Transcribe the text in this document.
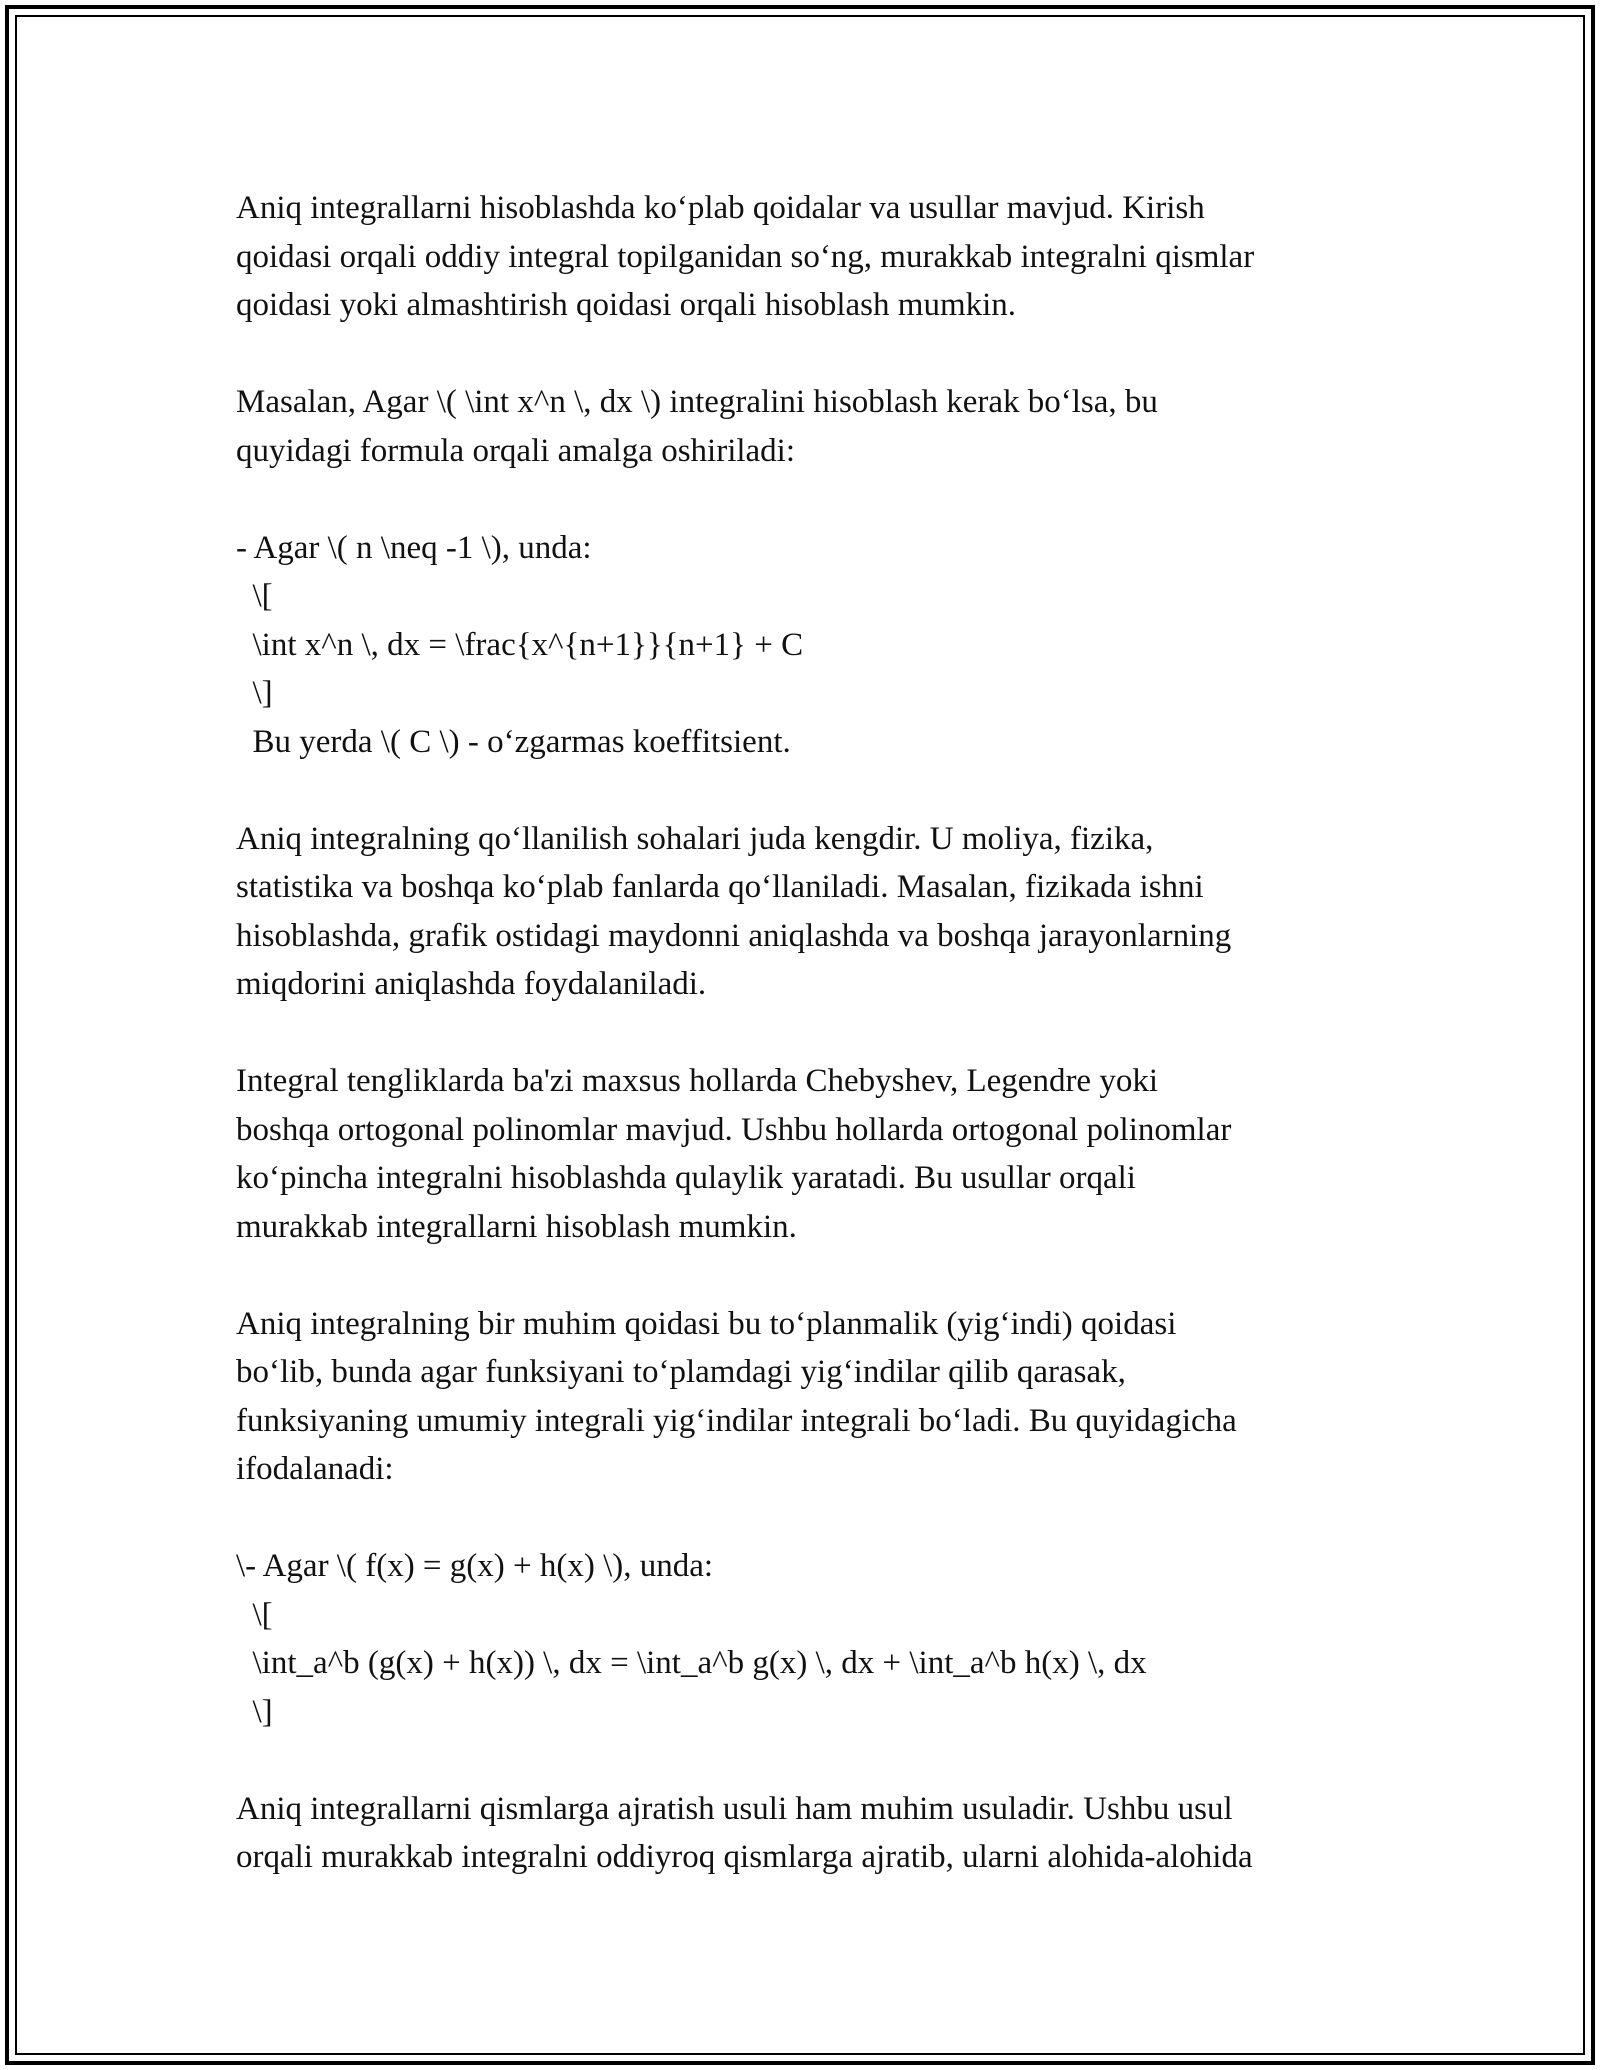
Aniq integrallarni hisoblashda ko‘plab qoidalar va usullar mavjud. Kirish
qoidasi orqali oddiy integral topilganidan so‘ng, murakkab integralni qismlar
qoidasi yoki almashtirish qoidasi orqali hisoblash mumkin.
Masalan, Agar \( \int x^n \, dx \) integralini hisoblash kerak bo‘lsa, bu
quyidagi formula orqali amalga oshiriladi:
- Agar \( n \neq -1 \), unda:
\[
\int x^n \, dx = \frac{x^{n+1}}{n+1} + C
\]
Bu yerda \( C \) - o‘zgarmas koeffitsient.
Aniq integralning qo‘llanilish sohalari juda kengdir. U moliya, fizika,
statistika va boshqa ko‘plab fanlarda qo‘llaniladi. Masalan, fizikada ishni
hisoblashda, grafik ostidagi maydonni aniqlashda va boshqa jarayonlarning
miqdorini aniqlashda foydalaniladi.
Integral tengliklarda ba'zi maxsus hollarda Chebyshev, Legendre yoki
boshqa ortogonal polinomlar mavjud. Ushbu hollarda ortogonal polinomlar
ko‘pincha integralni hisoblashda qulaylik yaratadi. Bu usullar orqali
murakkab integrallarni hisoblash mumkin.
Aniq integralning bir muhim qoidasi bu to‘planmalik (yig‘indi) qoidasi
bo‘lib, bunda agar funksiyani to‘plamdagi yig‘indilar qilib qarasak,
funksiyaning umumiy integrali yig‘indilar integrali bo‘ladi. Bu quyidagicha
ifodalanadi:
\- Agar \( f(x) = g(x) + h(x) \), unda:
\[
\int_a^b (g(x) + h(x)) \, dx = \int_a^b g(x) \, dx + \int_a^b h(x) \, dx
\]
Aniq integrallarni qismlarga ajratish usuli ham muhim usuladir. Ushbu usul
orqali murakkab integralni oddiyroq qismlarga ajratib, ularni alohida-alohida
